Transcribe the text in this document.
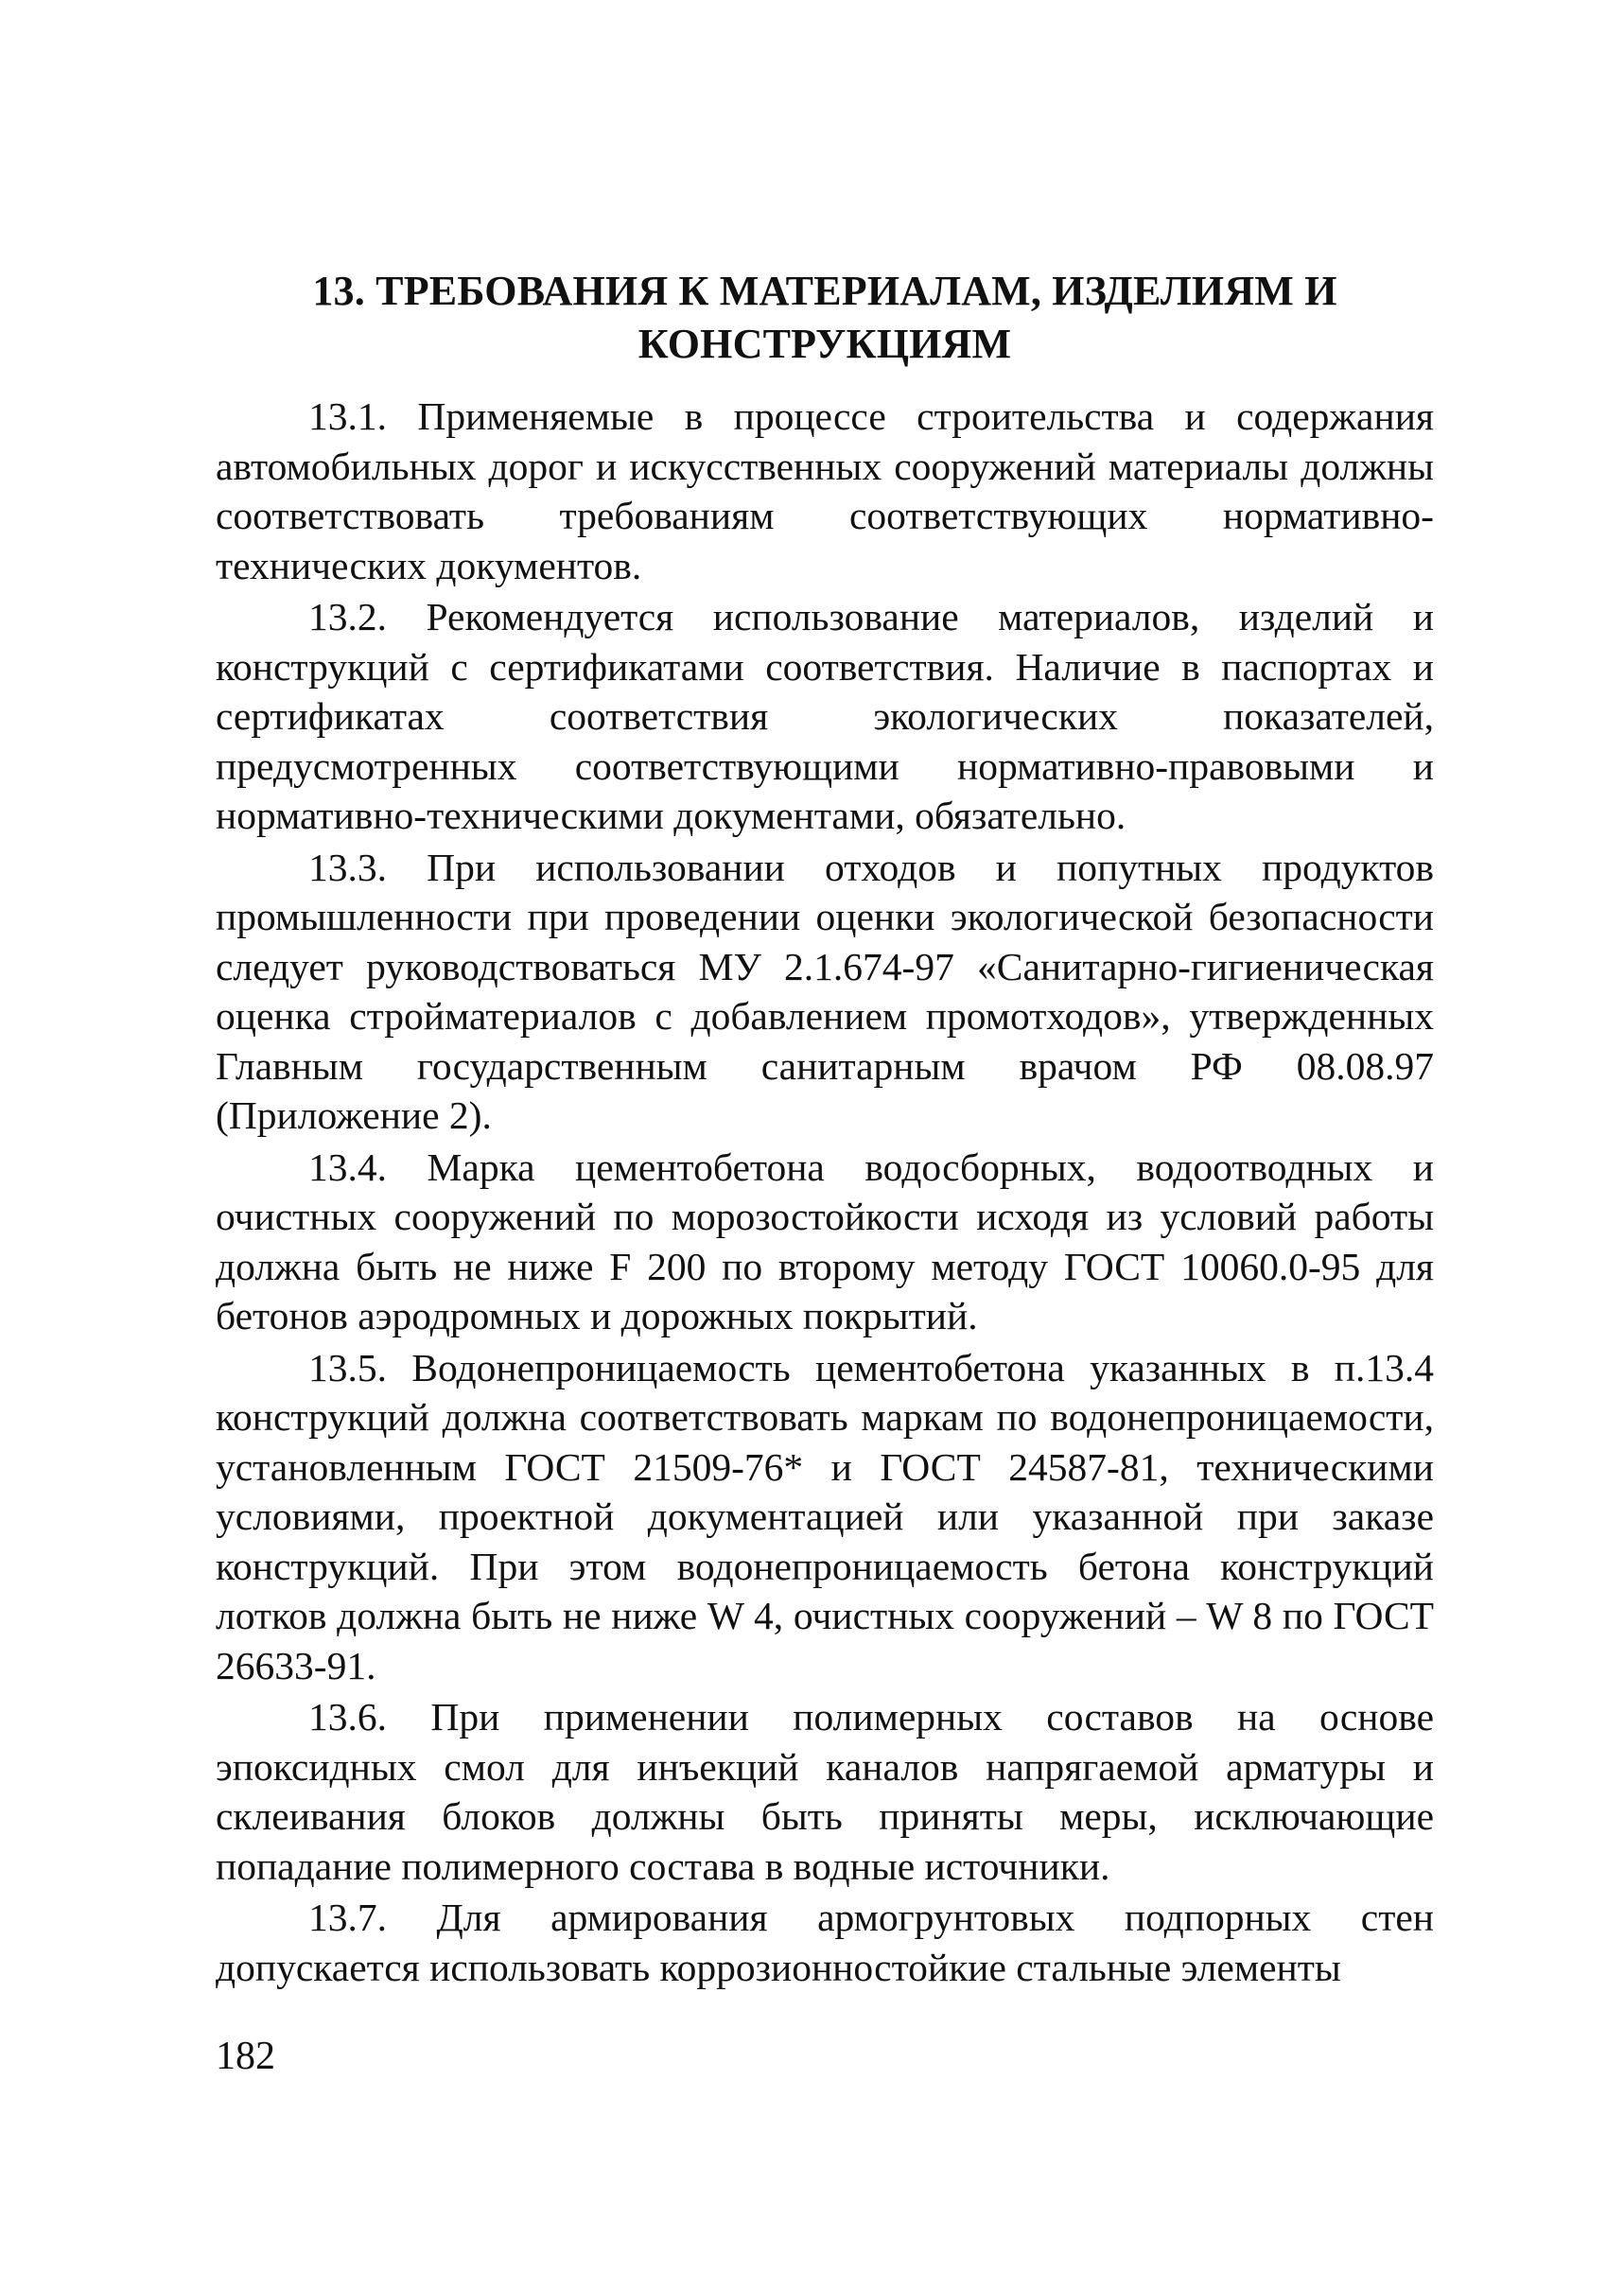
13. ТРЕБОВАНИЯ К МАТЕРИАЛАМ, ИЗДЕЛИЯМ И
КОНСТРУКЦИЯМ

13.1. Применяемые в процессе строительства и содержания автомобильных дорог и искусственных сооружений материалы должны соответствовать требованиям соответствующих нормативно-технических документов.

13.2. Рекомендуется использование материалов, изделий и конструкций с сертификатами соответствия. Наличие в паспортах и сертификатах соответствия экологических показателей, предусмотренных соответствующими нормативно-правовыми и нормативно-техническими документами, обязательно.

13.3. При использовании отходов и попутных продуктов промышленности при проведении оценки экологической безопасности следует руководствоваться МУ 2.1.674-97 «Санитарно-гигиеническая оценка стройматериалов с добавлением промотходов», утвержденных Главным государственным санитарным врачом РФ 08.08.97 (Приложение 2).

13.4. Марка цементобетона водосборных, водоотводных и очистных сооружений по морозостойкости исходя из условий работы должна быть не ниже F 200 по второму методу ГОСТ 10060.0-95 для бетонов аэродромных и дорожных покрытий.

13.5. Водонепроницаемость цементобетона указанных в п.13.4 конструкций должна соответствовать маркам по водонепроницаемости, установленным ГОСТ 21509-76* и ГОСТ 24587-81, техническими условиями, проектной документацией или указанной при заказе конструкций. При этом водонепроницаемость бетона конструкций лотков должна быть не ниже W 4, очистных сооружений – W 8 по ГОСТ 26633-91.

13.6. При применении полимерных составов на основе эпоксидных смол для инъекций каналов напрягаемой арматуры и склеивания блоков должны быть приняты меры, исключающие попадание полимерного состава в водные источники.

13.7. Для армирования армогрунтовых подпорных стен допускается использовать коррозионностойкие стальные элементы

182
